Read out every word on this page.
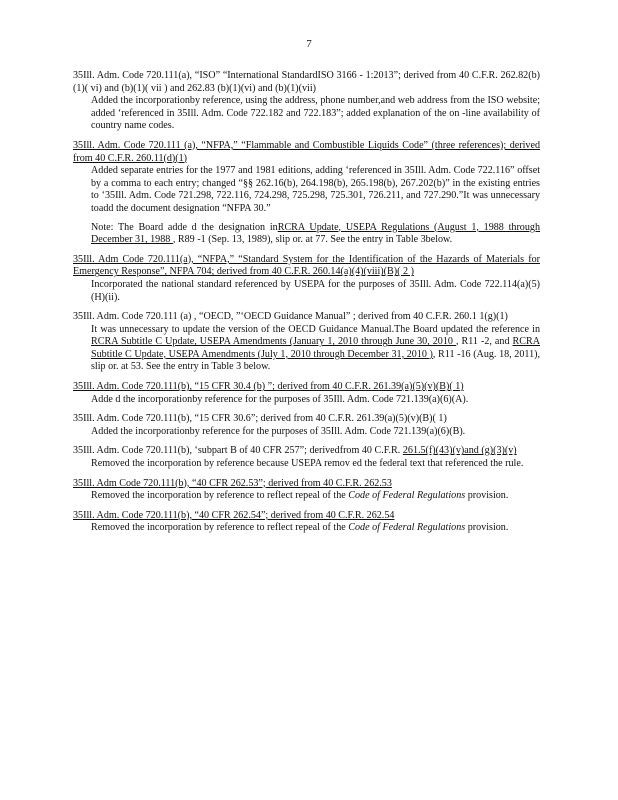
7
35Ill. Adm. Code 720.111(a), “ISO” “International StandardISO 3166 - 1:2013”; derived from 40 C.F.R. 262.82(b)(1)( vi) and (b)(1)( vii ) and 262.83 (b)(1)(vi) and (b)(1)(vii)
Added the incorporationby reference, using the address, phone number,and web address from the ISO website; added ‘referenced in 35Ill. Adm. Code 722.182 and 722.183”; added explanation of the on -line availability of country name codes.
35Ill. Adm. Code 720.111 (a), “NFPA,” “Flammable and Combustible Liquids Code” (three references); derived from 40 C.F.R. 260.11(d)(1)
Added separate entries for the 1977 and 1981 editions, adding ‘referenced in 35Ill. Adm. Code 722.116” offset by a comma to each entry; changed “§§ 262.16(b), 264.198(b), 265.198(b), 267.202(b)” in the existing entries to ‘35Ill. Adm. Code 721.298, 722.116, 724.298, 725.298, 725.301, 726.211, and 727.290.”It was unnecessary toadd the document designation “NFPA 30.”
Note: The Board adde d the designation inRCRA Update, USEPA Regulations (August 1, 1988 through December 31, 1988 , R89 -1 (Sep. 13, 1989), slip or. at 77. See the entry in Table 3below.
35Ill. Adm Code 720.111(a), “NFPA,” “Standard System for the Identification of the Hazards of Materials for Emergency Response”, NFPA 704; derived from 40 C.F.R. 260.14(a)(4)(viii)(B)( 2 )
Incorporated the national standard referenced by USEPA for the purposes of 35Ill. Adm. Code 722.114(a)(5)(H)(ii).
35Ill. Adm. Code 720.111 (a) , “OECD, ”‘OECD Guidance Manual” ; derived from 40 C.F.R. 260.1 1(g)(1)
It was unnecessary to update the version of the OECD Guidance Manual.The Board updated the reference in RCRA Subtitle C Update, USEPA Amendments (January 1, 2010 through June 30, 2010 , R11 -2, and RCRA Subtitle C Update, USEPA Amendments (July 1, 2010 through December 31, 2010 ), R11 -16 (Aug. 18, 2011), slip or. at 53. See the entry in Table 3 below.
35Ill. Adm. Code 720.111(b), “15 CFR 30.4 (b) ”; derived from 40 C.F.R. 261.39(a)(5)(v)(B)( 1)
Adde d the incorporationby reference for the purposes of 35Ill. Adm. Code 721.139(a)(6)(A).
35Ill. Adm. Code 720.111(b), “15 CFR 30.6”; derived from 40 C.F.R. 261.39(a)(5)(v)(B)( 1)
Added the incorporationby reference for the purposes of 35Ill. Adm. Code 721.139(a)(6)(B).
35Ill. Adm. Code 720.111(b), ‘subpart B of 40 CFR 257”; derivedfrom 40 C.F.R. 261.5(f)(43)(v)and (g)(3)(v)
Removed the incorporation by reference because USEPA remov ed the federal text that referenced the rule.
35Ill. Adm Code 720.111(b), “40 CFR 262.53”; derived from 40 C.F.R. 262.53
Removed the incorporation by reference to reflect repeal of the Code of Federal Regulations provision.
35Ill. Adm. Code 720.111(b), “40 CFR 262.54”; derived from 40 C.F.R. 262.54
Removed the incorporation by reference to reflect repeal of the Code of Federal Regulations provision.
